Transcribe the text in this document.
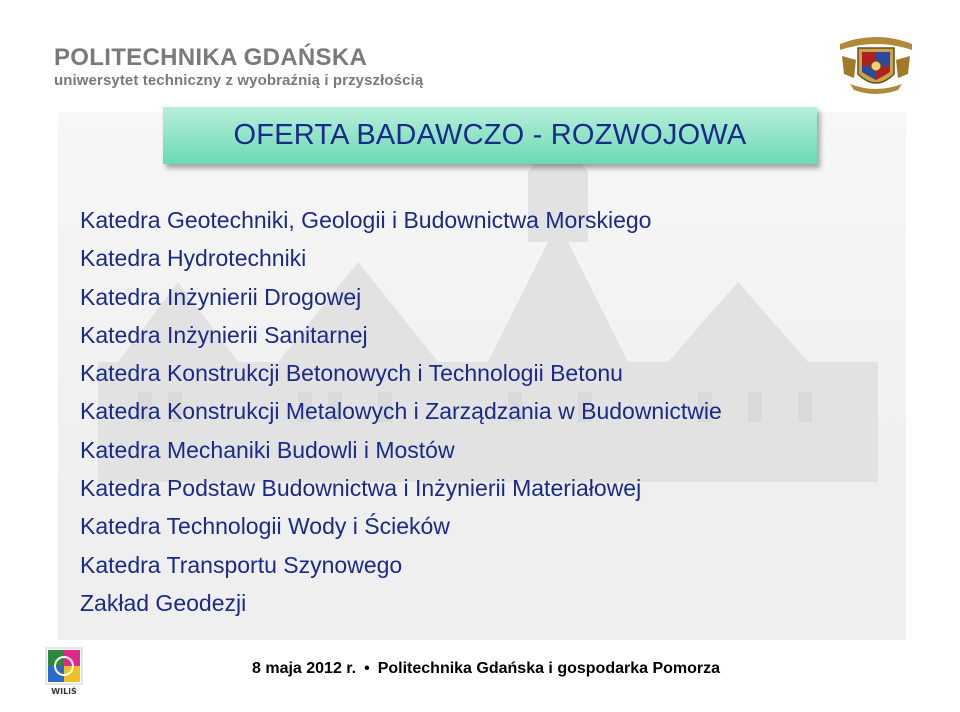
POLITECHNIKA GDAŃSKA
uniwersytet techniczny z wyobraźnią i przyszłością
OFERTA BADAWCZO - ROZWOJOWA
Katedra Geotechniki, Geologii i Budownictwa Morskiego
Katedra Hydrotechniki
Katedra Inżynierii Drogowej
Katedra Inżynierii Sanitarnej
Katedra Konstrukcji Betonowych i Technologii Betonu
Katedra Konstrukcji Metalowych i Zarządzania w Budownictwie
Katedra Mechaniki Budowli i Mostów
Katedra Podstaw Budownictwa i Inżynierii Materiałowej
Katedra Technologii Wody i Ścieków
Katedra Transportu Szynowego
Zakład Geodezji
WILiŚ
8 maja 2012 r. • Politechnika Gdańska i gospodarka Pomorza
